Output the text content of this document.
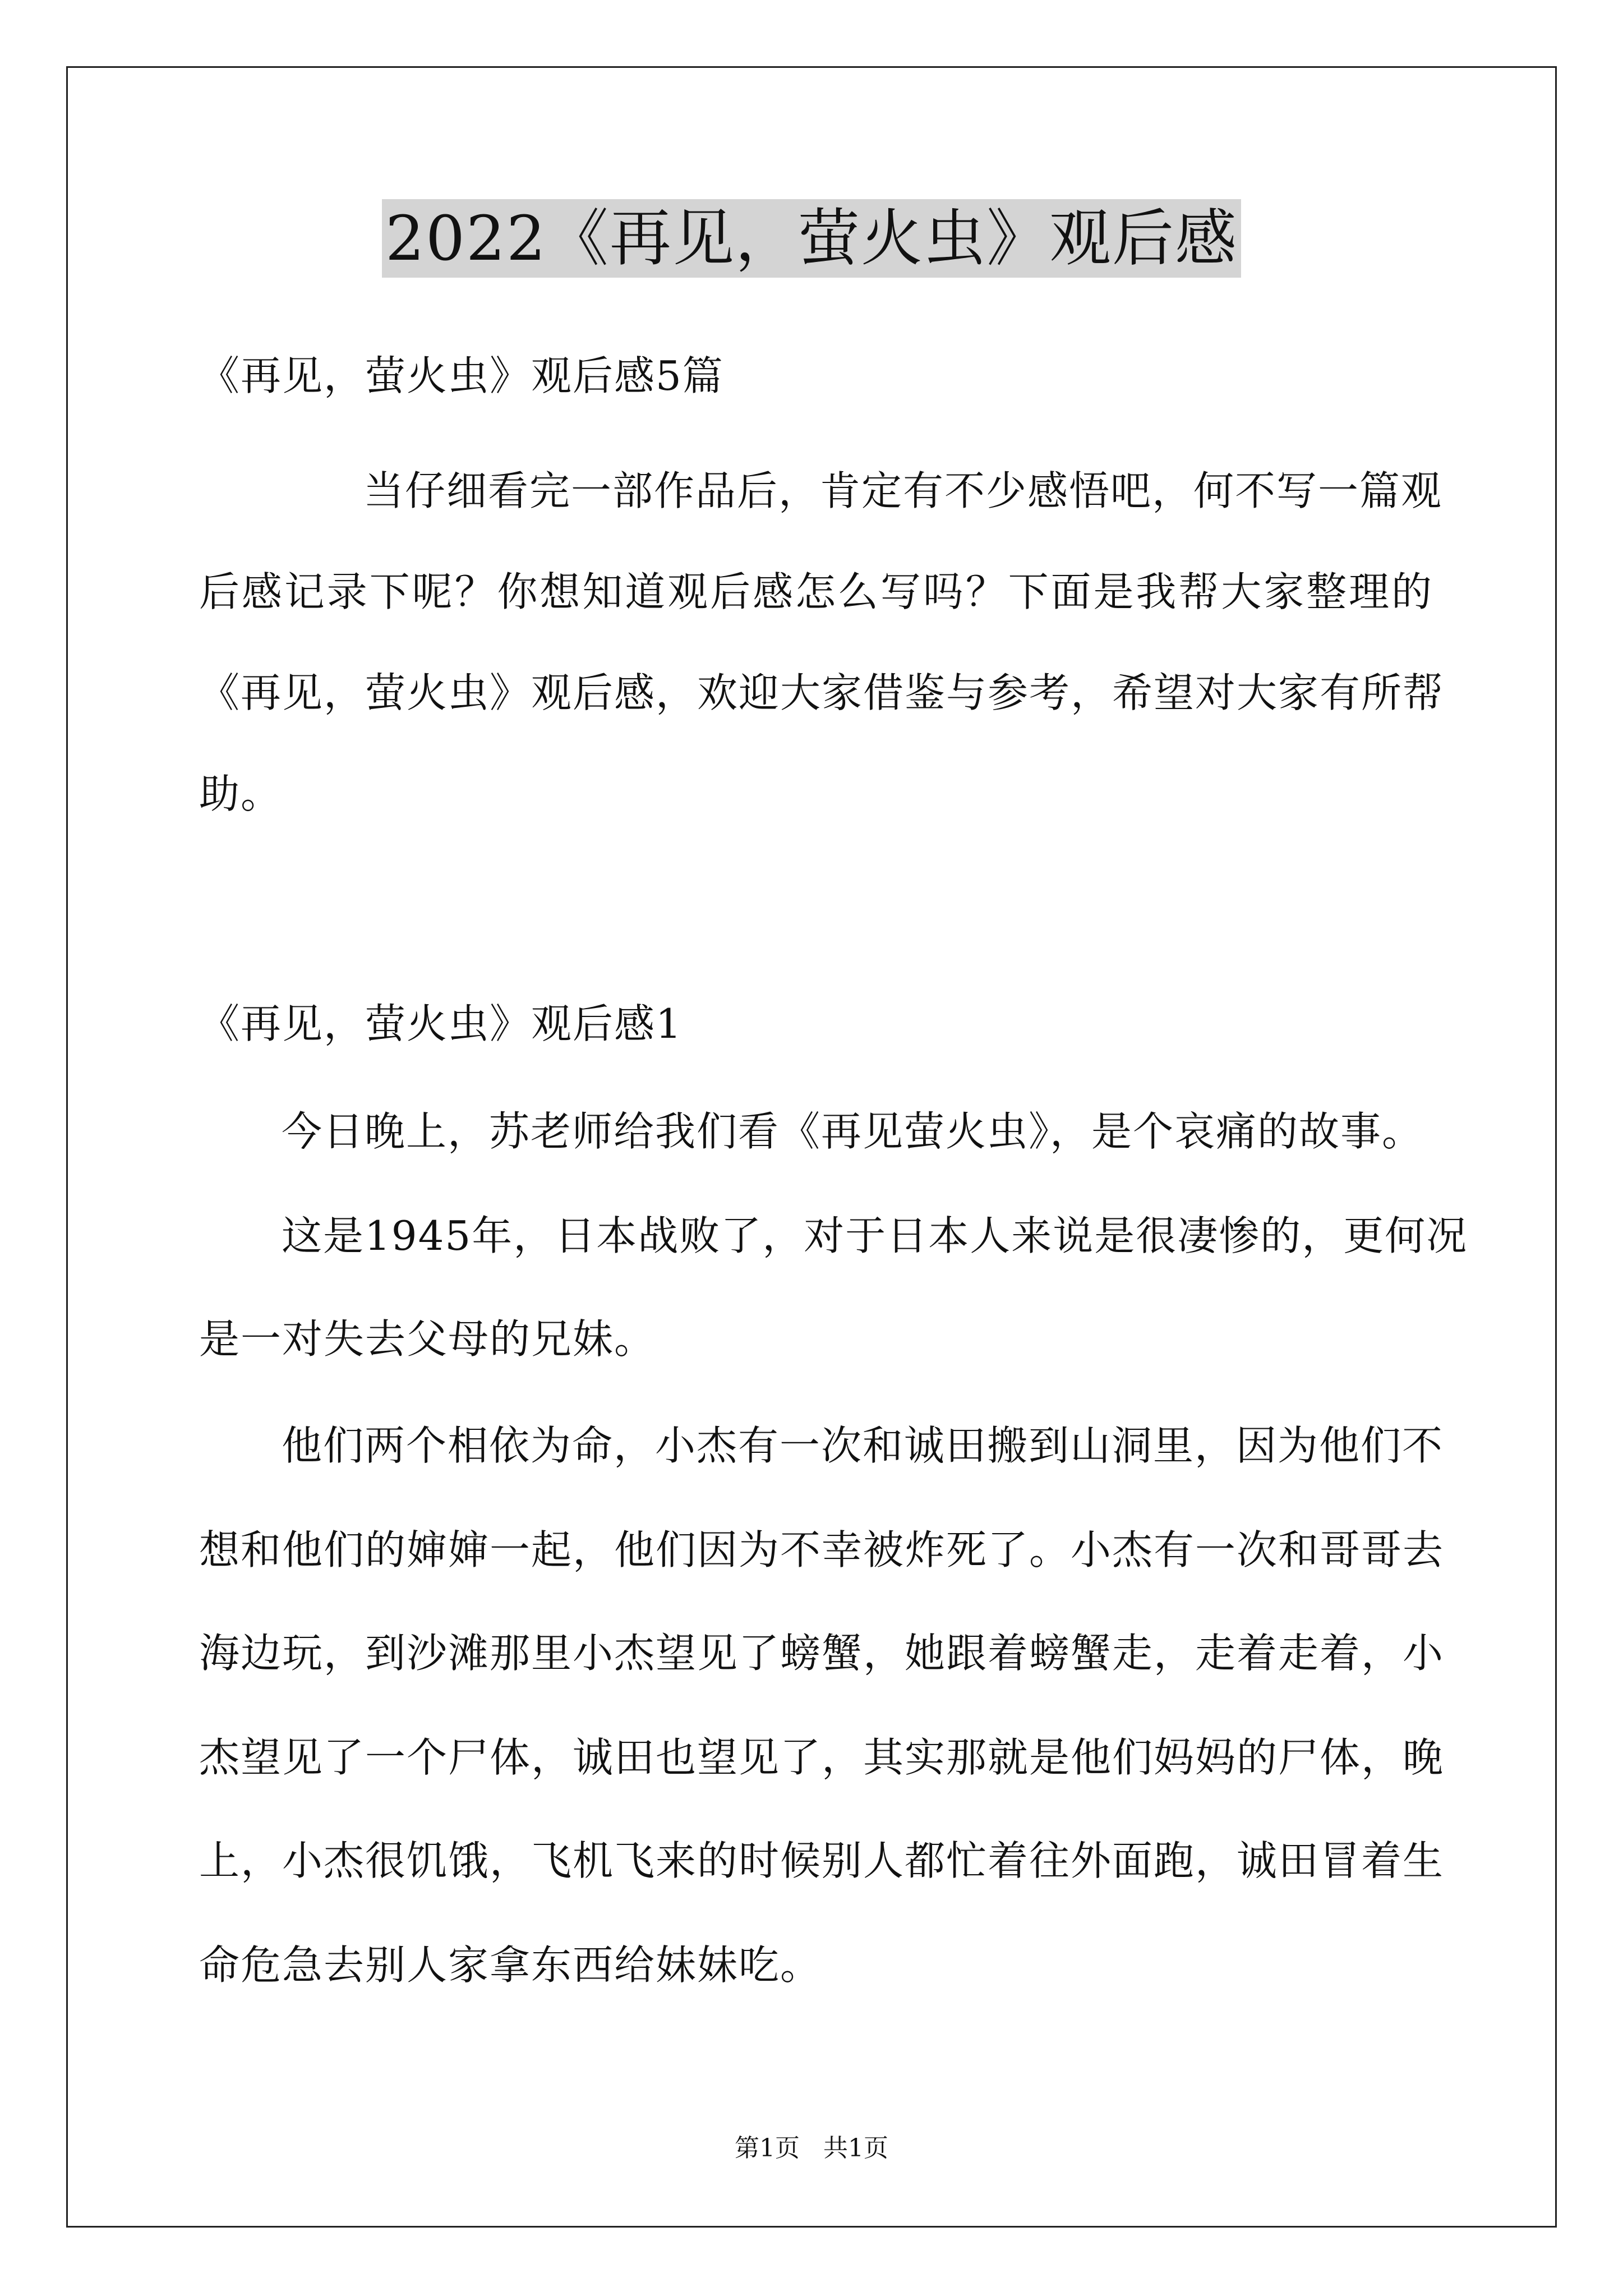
2022《再见，萤火虫》观后感
《再见，萤火虫》观后感5篇
当仔细看完一部作品后，肯定有不少感悟吧，何不写一篇观
后感记录下呢？你想知道观后感怎么写吗？下面是我帮大家整理的
《再见，萤火虫》观后感，欢迎大家借鉴与参考，希望对大家有所帮
助。
《再见，萤火虫》观后感1
今日晚上，苏老师给我们看《再见萤火虫》，是个哀痛的故事。
这是1945年，日本战败了，对于日本人来说是很凄惨的，更何况
是一对失去父母的兄妹。
他们两个相依为命，小杰有一次和诚田搬到山洞里，因为他们不
想和他们的婶婶一起，他们因为不幸被炸死了。小杰有一次和哥哥去
海边玩，到沙滩那里小杰望见了螃蟹，她跟着螃蟹走，走着走着，小
杰望见了一个尸体，诚田也望见了，其实那就是他们妈妈的尸体，晚
上，小杰很饥饿，飞机飞来的时候别人都忙着往外面跑，诚田冒着生
命危急去别人家拿东西给妹妹吃。
第1页 共1页
